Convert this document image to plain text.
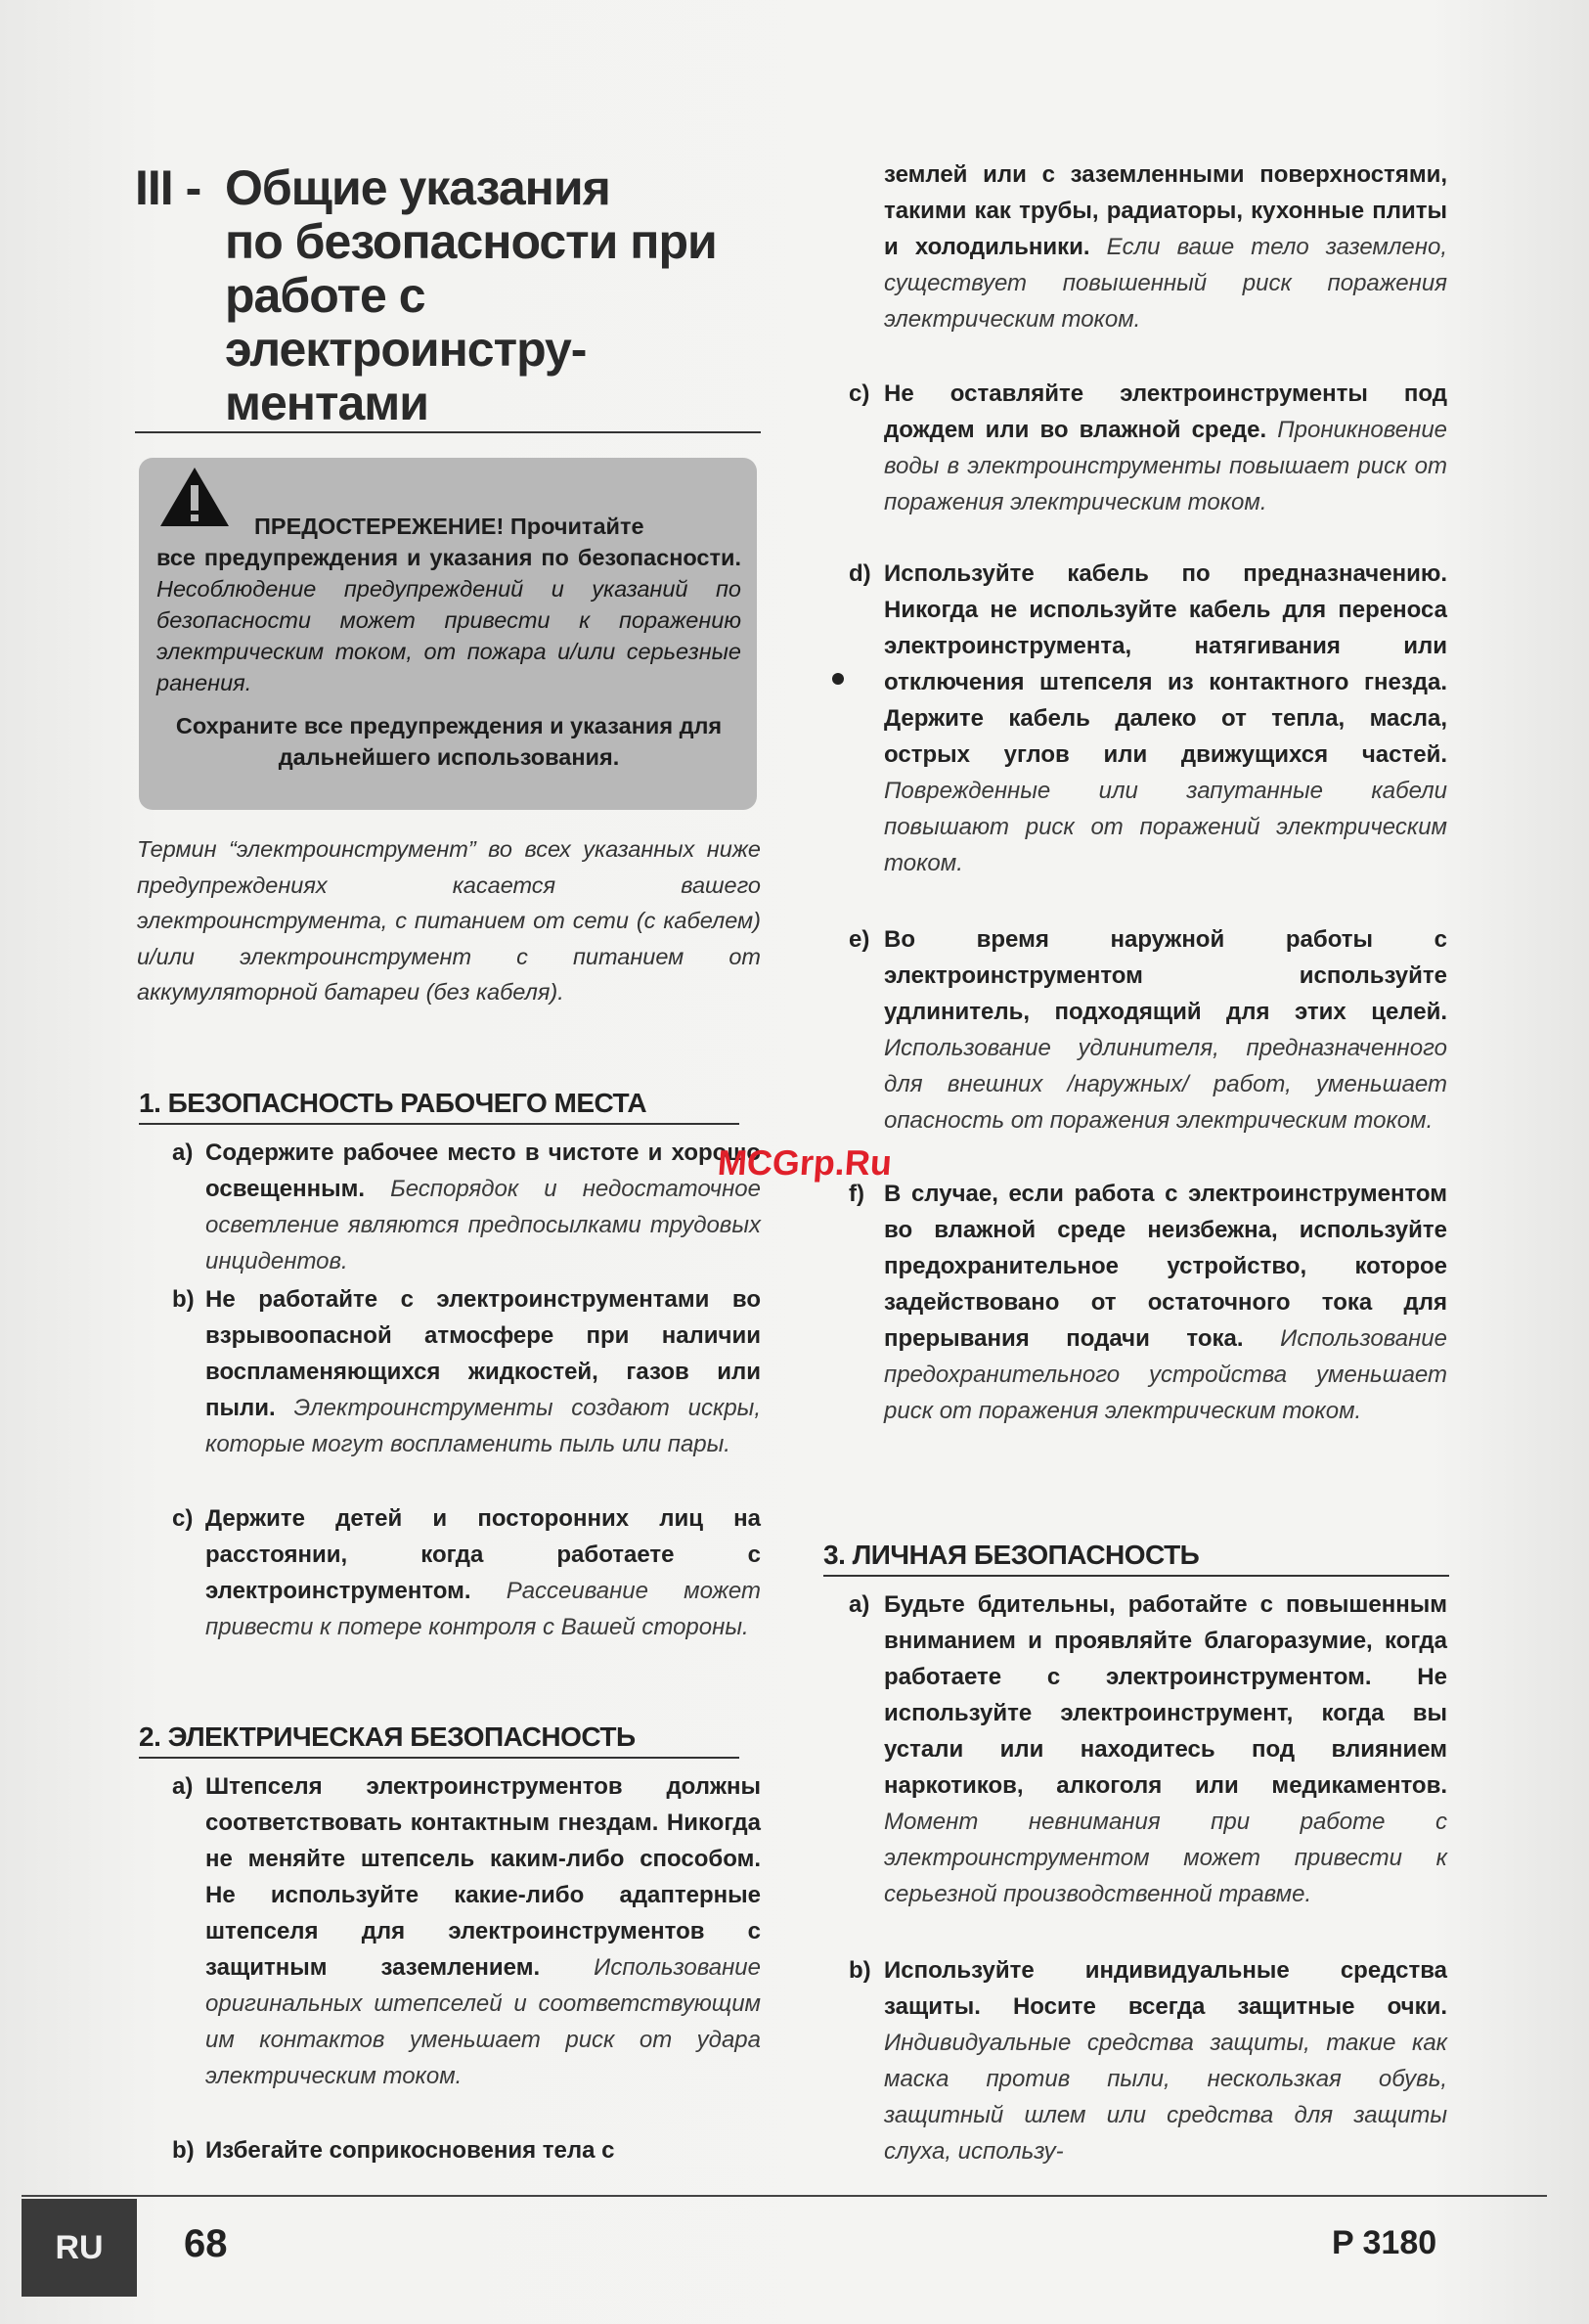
MCGrp.Ru
III - Общие указания
по безопасности при
работе с
электроинстру-
ментами
ПРЕДОСТЕРЕЖЕНИЕ! Прочитайте
все предупреждения и указания по безопасности. Несоблюдение предупреждений и указаний по безопасности может привести к поражению электрическим током, от пожара и/или серьезные ранения.
Сохраните все предупреждения и указания для дальнейшего использования.
Термин “электроинструмент” во всех указанных ниже предупреждениях касается вашего электроинструмента, с питанием от сети (с кабелем) и/или электроинструмент с питанием от аккумуляторной батареи (без кабеля).
1. БЕЗОПАСНОСТЬ РАБОЧЕГО МЕСТА
a) Содержите рабочее место в чистоте и хорошо освещенным. Беспорядок и недостаточное осветление являются предпосылками трудовых инцидентов.
b) Не работайте с электроинструментами во взрывоопасной атмосфере при наличии воспламеняющихся жидкостей, газов или пыли. Электроинструменты создают искры, которые могут воспламенить пыль или пары.
c) Держите детей и посторонних лиц на расстоянии, когда работаете с электроинструментом. Рассеивание может привести к потере контроля с Вашей стороны.
2. ЭЛЕКТРИЧЕСКАЯ БЕЗОПАСНОСТЬ
a) Штепселя электроинструментов должны соответствовать контактным гнездам. Никогда не меняйте штепсель каким-либо способом. Не используйте какие-либо адаптерные штепселя для электроинструментов с защитным заземлением. Использование оригинальных штепселей и соответствующим им контактов уменьшает риск от удара электрическим током.
b) Избегайте соприкосновения тела с
землей или с заземленными поверхностями, такими как трубы, радиаторы, кухонные плиты и холодильники. Если ваше тело заземлено, существует повышенный риск поражения электрическим током.
c) Не оставляйте электроинструменты под дождем или во влажной среде. Проникновение воды в электроинструменты повышает риск от поражения электрическим током.
d) Используйте кабель по предназначению. Никогда не используйте кабель для переноса электроинструмента, натягивания или отключения штепселя из контактного гнезда. Держите кабель далеко от тепла, масла, острых углов или движущихся частей. Поврежденные или запутанные кабели повышают риск от поражений электрическим током.
e) Во время наружной работы с электроинструментом используйте удлинитель, подходящий для этих целей. Использование удлинителя, предназначенного для внешних /наружных/ работ, уменьшает опасность от поражения электрическим током.
f) В случае, если работа с электроинструментом во влажной среде неизбежна, используйте предохранительное устройство, которое задействовано от остаточного тока для прерывания подачи тока. Использование предохранительного устройства уменьшает риск от поражения электрическим током.
3. ЛИЧНАЯ БЕЗОПАСНОСТЬ
a) Будьте бдительны, работайте с повышенным вниманием и проявляйте благоразумие, когда работаете с электроинструментом. Не используйте электроинструмент, когда вы устали или находитесь под влиянием наркотиков, алкоголя или медикаментов. Момент невнимания при работе с электроинструментом может привести к серьезной производственной травме.
b) Используйте индивидуальные средства защиты. Носите всегда защитные очки. Индивидуальные средства защиты, такие как маска против пыли, нескользкая обувь, защитный шлем или средства для защиты слуха, использу-
RU	68	P 3180
